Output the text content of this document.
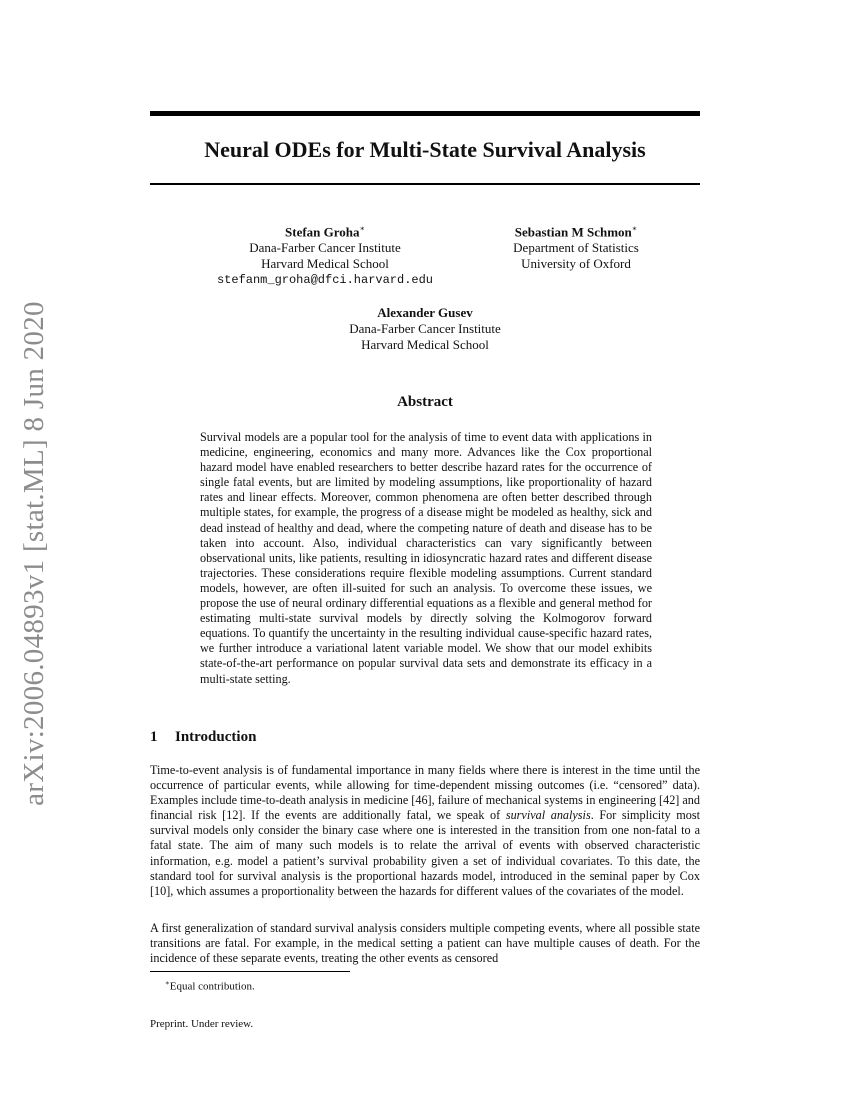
arXiv:2006.04893v1 [stat.ML] 8 Jun 2020
Neural ODEs for Multi-State Survival Analysis
Stefan Groha∗
Dana-Farber Cancer Institute
Harvard Medical School
stefanm_groha@dfci.harvard.edu
Sebastian M Schmon∗
Department of Statistics
University of Oxford
Alexander Gusev
Dana-Farber Cancer Institute
Harvard Medical School
Abstract

Survival models are a popular tool for the analysis of time to event data with applications in medicine, engineering, economics and many more. Advances like the Cox proportional hazard model have enabled researchers to better describe hazard rates for the occurrence of single fatal events, but are limited by modeling assumptions, like proportionality of hazard rates and linear effects. Moreover, common phenomena are often better described through multiple states, for example, the progress of a disease might be modeled as healthy, sick and dead instead of healthy and dead, where the competing nature of death and disease has to be taken into account. Also, individual characteristics can vary significantly between observational units, like patients, resulting in idiosyncratic hazard rates and different disease trajectories. These considerations require flexible modeling assumptions. Current standard models, however, are often ill-suited for such an analysis. To overcome these issues, we propose the use of neural ordinary differential equations as a flexible and general method for estimating multi-state survival models by directly solving the Kolmogorov forward equations. To quantify the uncertainty in the resulting individual cause-specific hazard rates, we further introduce a variational latent variable model. We show that our model exhibits state-of-the-art performance on popular survival data sets and demonstrate its efficacy in a multi-state setting.

1 Introduction

Time-to-event analysis is of fundamental importance in many fields where there is interest in the time until the occurrence of particular events, while allowing for time-dependent missing outcomes (i.e. “censored” data). Examples include time-to-death analysis in medicine [46], failure of mechanical systems in engineering [42] and financial risk [12]. If the events are additionally fatal, we speak of survival analysis. For simplicity most survival models only consider the binary case where one is interested in the transition from one non-fatal to a fatal state. The aim of many such models is to relate the arrival of events with observed characteristic information, e.g. model a patient’s survival probability given a set of individual covariates. To this date, the standard tool for survival analysis is the proportional hazards model, introduced in the seminal paper by Cox [10], which assumes a proportionality between the hazards for different values of the covariates of the model.

A first generalization of standard survival analysis considers multiple competing events, where all possible state transitions are fatal. For example, in the medical setting a patient can have multiple causes of death. For the incidence of these separate events, treating the other events as censored

∗Equal contribution.

Preprint. Under review.
